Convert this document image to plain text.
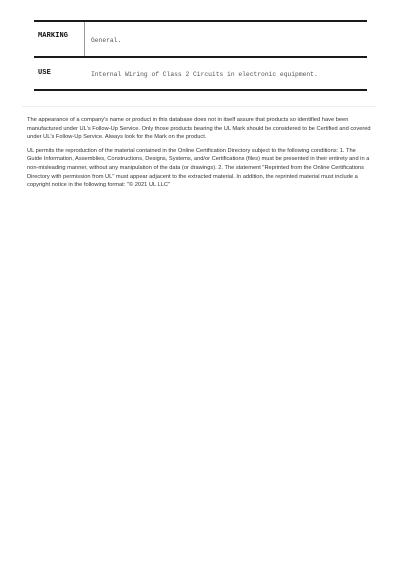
MARKING
General.
USE	Internal Wiring of Class 2 Circuits in electronic equipment.

The appearance of a company's name or product in this database does not in itself assure that products so identified have been manufactured under UL's Follow-Up Service. Only those products bearing the UL Mark should be considered to be Certified and covered under UL's Follow-Up Service. Always look for the Mark on the product.

UL permits the reproduction of the material contained in the Online Certification Directory subject to the following conditions: 1. The Guide Information, Assemblies, Constructions, Designs, Systems, and/or Certifications (files) must be presented in their entirety and in a non-misleading manner, without any manipulation of the data (or drawings). 2. The statement "Reprinted from the Online Certifications Directory with permission from UL" must appear adjacent to the extracted material. In addition, the reprinted material must include a copyright notice in the following format: "© 2021 UL LLC"
